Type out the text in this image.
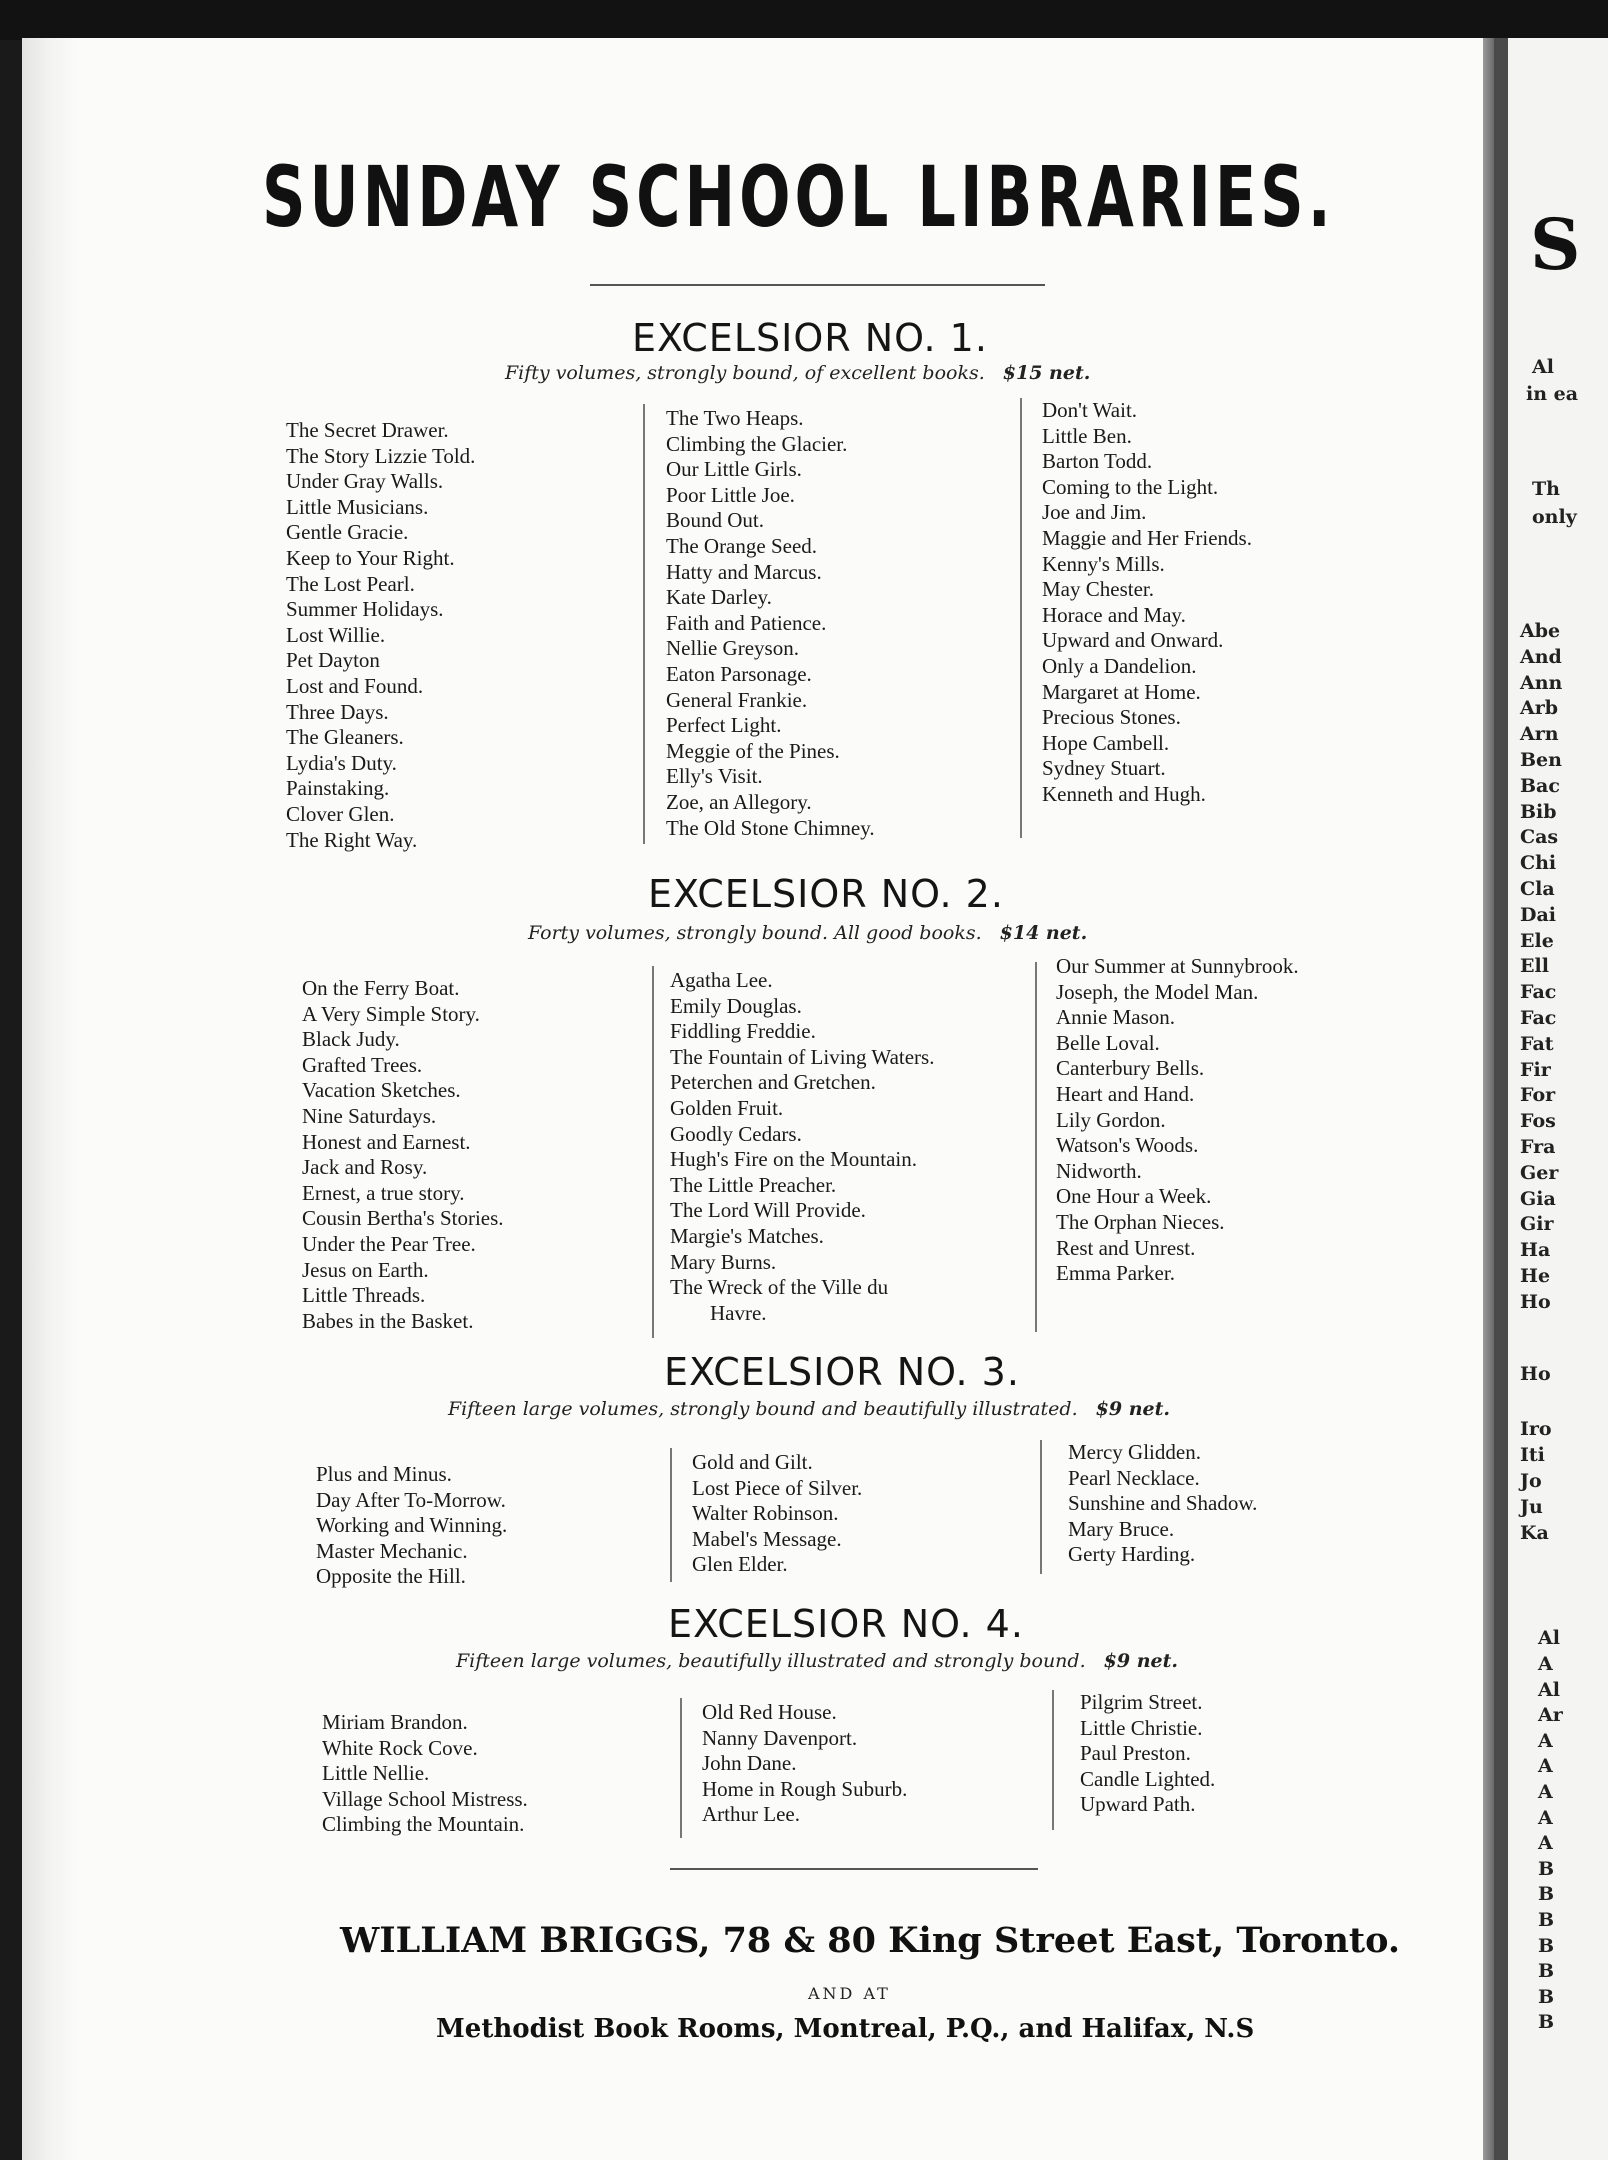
S
Al
in ea
Th
only
Abe
And
Ann
Arb
Arn
Ben
Bac
Bib
Cas
Chi
Cla
Dai
Ele
Ell
Fac
Fac
Fat
Fir
For
Fos
Fra
Ger
Gia
Gir
Ha
He
Ho
Ho
Iro
Iti
Jo
Ju
Ka
Al
A
Al
Ar
A
A
A
A
A
B
B
B
B
B
B
B
SUNDAY SCHOOL LIBRARIES.
EXCELSIOR NO. 1.
Fifty volumes, strongly bound, of excellent books. $15 net.
The Secret Drawer.
The Story Lizzie Told.
Under Gray Walls.
Little Musicians.
Gentle Gracie.
Keep to Your Right.
The Lost Pearl.
Summer Holidays.
Lost Willie.
Pet Dayton
Lost and Found.
Three Days.
The Gleaners.
Lydia's Duty.
Painstaking.
Clover Glen.
The Right Way.
The Two Heaps.
Climbing the Glacier.
Our Little Girls.
Poor Little Joe.
Bound Out.
The Orange Seed.
Hatty and Marcus.
Kate Darley.
Faith and Patience.
Nellie Greyson.
Eaton Parsonage.
General Frankie.
Perfect Light.
Meggie of the Pines.
Elly's Visit.
Zoe, an Allegory.
The Old Stone Chimney.
Don't Wait.
Little Ben.
Barton Todd.
Coming to the Light.
Joe and Jim.
Maggie and Her Friends.
Kenny's Mills.
May Chester.
Horace and May.
Upward and Onward.
Only a Dandelion.
Margaret at Home.
Precious Stones.
Hope Cambell.
Sydney Stuart.
Kenneth and Hugh.
EXCELSIOR NO. 2.
Forty volumes, strongly bound. All good books. $14 net.
On the Ferry Boat.
A Very Simple Story.
Black Judy.
Grafted Trees.
Vacation Sketches.
Nine Saturdays.
Honest and Earnest.
Jack and Rosy.
Ernest, a true story.
Cousin Bertha's Stories.
Under the Pear Tree.
Jesus on Earth.
Little Threads.
Babes in the Basket.
Agatha Lee.
Emily Douglas.
Fiddling Freddie.
The Fountain of Living Waters.
Peterchen and Gretchen.
Golden Fruit.
Goodly Cedars.
Hugh's Fire on the Mountain.
The Little Preacher.
The Lord Will Provide.
Margie's Matches.
Mary Burns.
The Wreck of the Ville du
Havre.
Our Summer at Sunnybrook.
Joseph, the Model Man.
Annie Mason.
Belle Loval.
Canterbury Bells.
Heart and Hand.
Lily Gordon.
Watson's Woods.
Nidworth.
One Hour a Week.
The Orphan Nieces.
Rest and Unrest.
Emma Parker.
EXCELSIOR NO. 3.
Fifteen large volumes, strongly bound and beautifully illustrated. $9 net.
Plus and Minus.
Day After To-Morrow.
Working and Winning.
Master Mechanic.
Opposite the Hill.
Gold and Gilt.
Lost Piece of Silver.
Walter Robinson.
Mabel's Message.
Glen Elder.
Mercy Glidden.
Pearl Necklace.
Sunshine and Shadow.
Mary Bruce.
Gerty Harding.
EXCELSIOR NO. 4.
Fifteen large volumes, beautifully illustrated and strongly bound. $9 net.
Miriam Brandon.
White Rock Cove.
Little Nellie.
Village School Mistress.
Climbing the Mountain.
Old Red House.
Nanny Davenport.
John Dane.
Home in Rough Suburb.
Arthur Lee.
Pilgrim Street.
Little Christie.
Paul Preston.
Candle Lighted.
Upward Path.
WILLIAM BRIGGS, 78 & 80 King Street East, Toronto.
AND AT
Methodist Book Rooms, Montreal, P.Q., and Halifax, N.S
